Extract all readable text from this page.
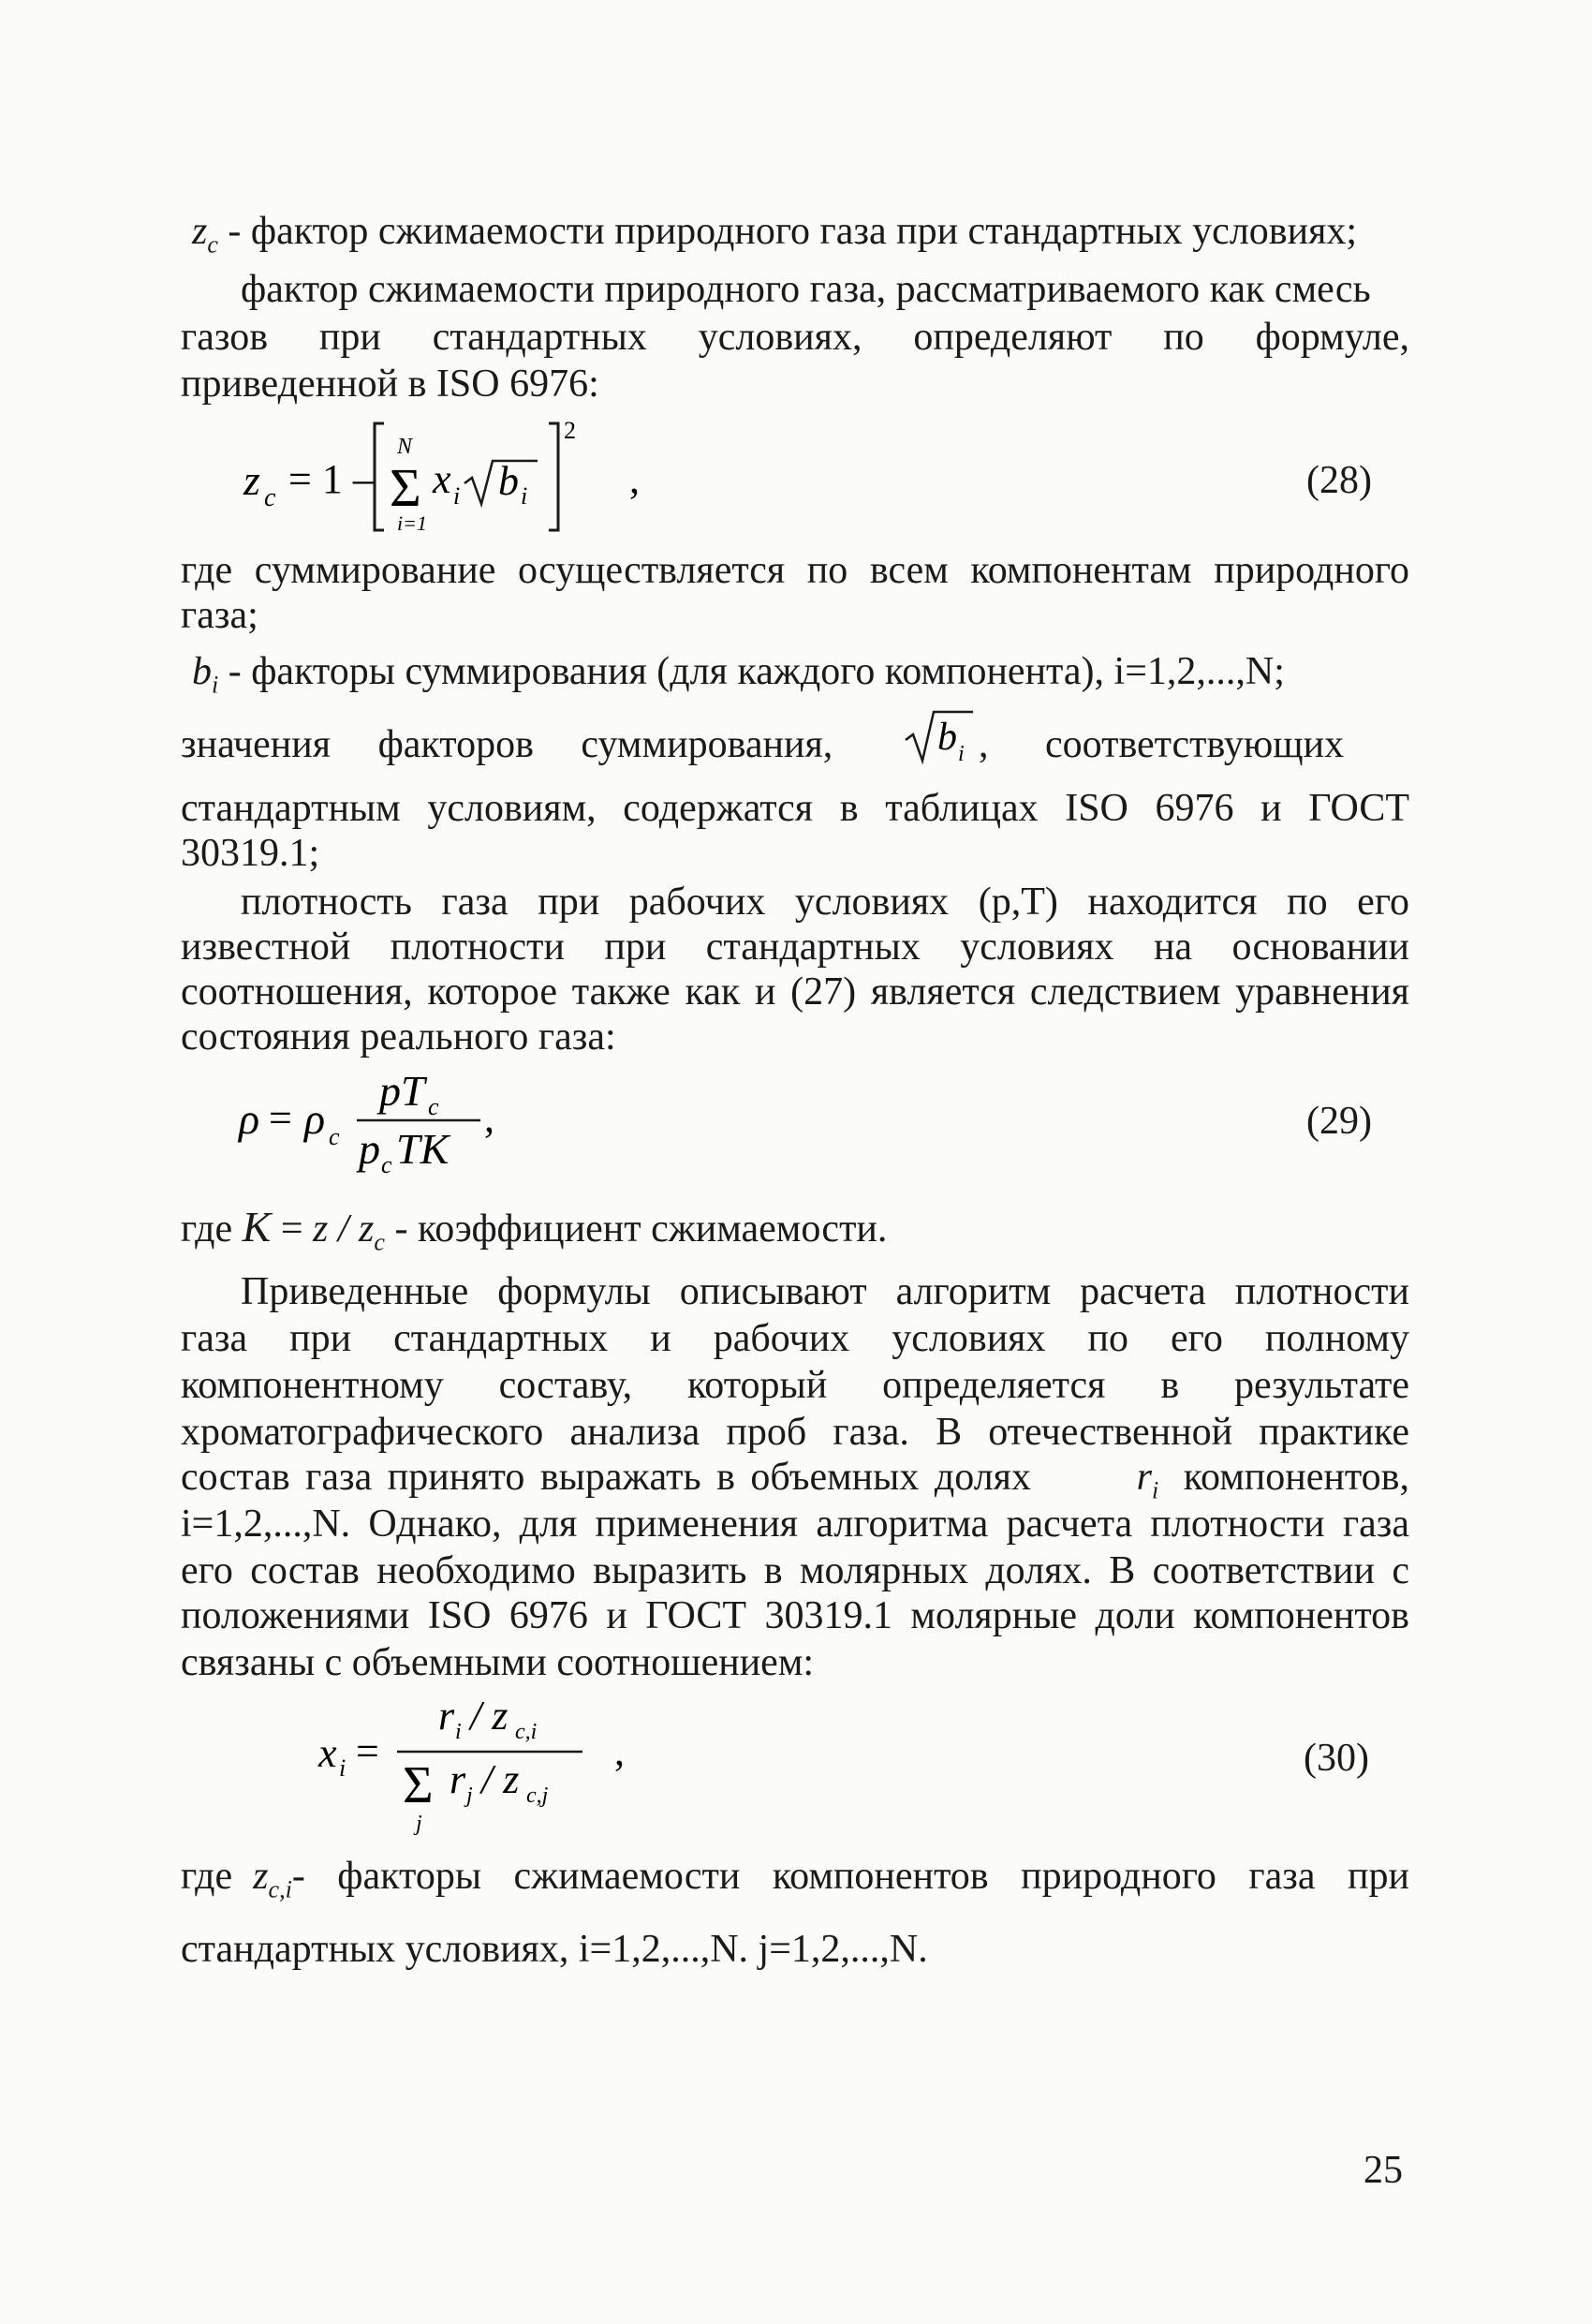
$z_c$ - фактор сжимаемости природного газа при стандартных условиях;
фактор сжимаемости природного газа, рассматриваемого как смесь
газов при стандартных условиях, определяют по формуле,
приведенной в ISO 6976:
z c = 1 –
N
Σ
i=1
x i b i
2
,	(28)
где суммирование осуществляется по всем компонентам природного
газа;
$b_i$ - факторы суммирования (для каждого компонента), i=1,2,...,N;
значения факторов суммирования,	b i , соответствующих
стандартным условиям, содержатся в таблицах ISO 6976 и ГОСТ
30319.1;
плотность газа при рабочих условиях (p,T) находится по его
известной плотности при стандартных условиях на основании
соотношения, которое также как и (27) является следствием уравнения
состояния реального газа:
ρ = ρ c
pT c
p c TK
,	(29)
где $K = z / z_c$ - коэффициент сжимаемости.
Приведенные формулы описывают алгоритм расчета плотности
газа при стандартных и рабочих условиях по его полному
компонентному составу, который определяется в результате
хроматографического анализа проб газа. В отечественной практике
состав газа принято выражать в объемных долях	$r_i$ компонентов,
i=1,2,...,N. Однако, для применения алгоритма расчета плотности газа
его состав необходимо выразить в молярных долях. В соответствии с
положениями ISO 6976 и ГОСТ 30319.1 молярные доли компонентов
связаны с объемными соотношением:
x i =
r i / z c,i
Σ r j / z c,j
j
,	(30)
где $z_{c,i}$ - факторы сжимаемости компонентов природного газа при
стандартных условиях, i=1,2,...,N. j=1,2,...,N.
25
